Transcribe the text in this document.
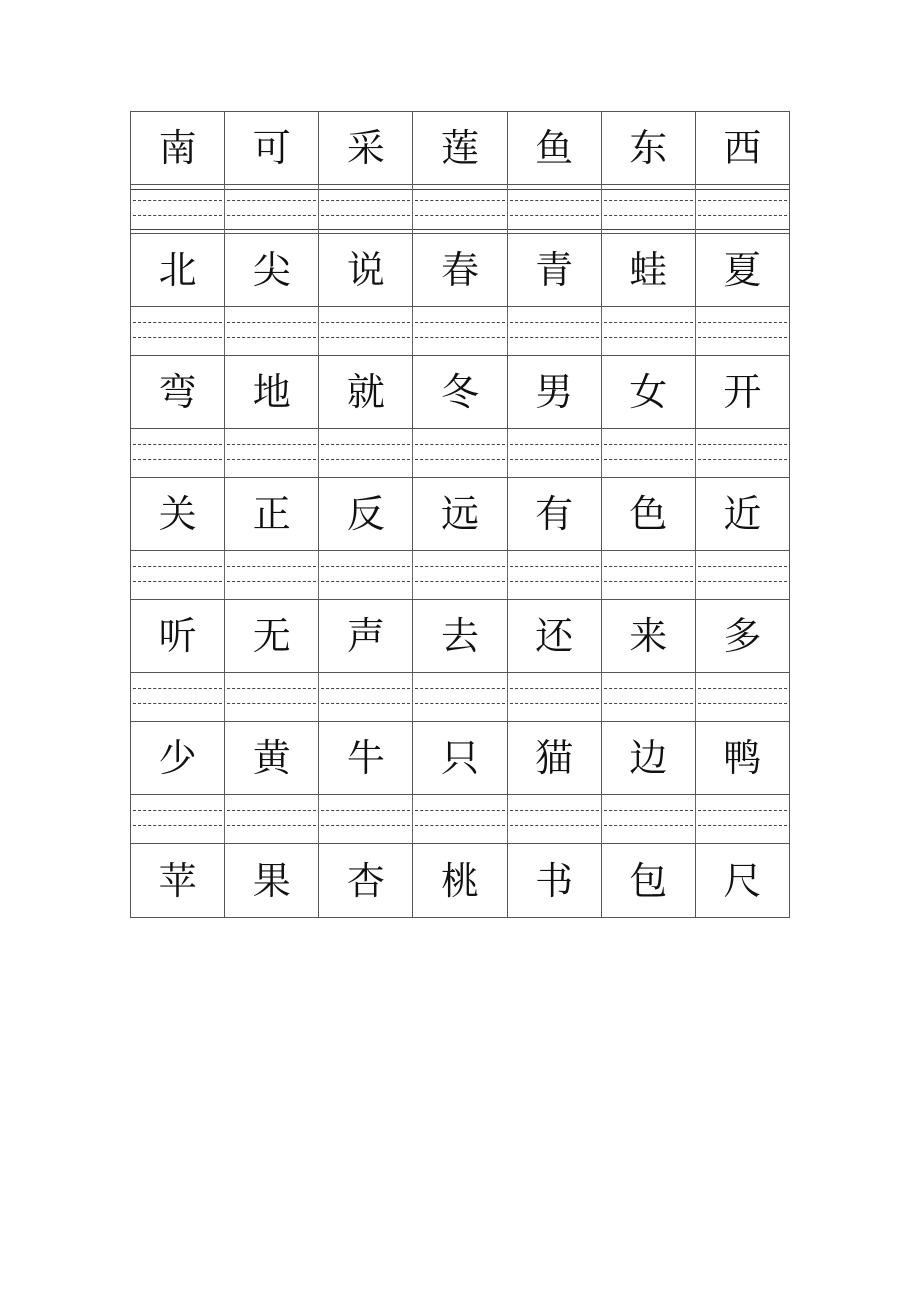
南	可	采	莲	鱼	东	西
北	尖	说	春	青	蛙	夏
弯	地	就	冬	男	女	开
关	正	反	远	有	色	近
听	无	声	去	还	来	多
少	黄	牛	只	猫	边	鸭
苹	果	杏	桃	书	包	尺
